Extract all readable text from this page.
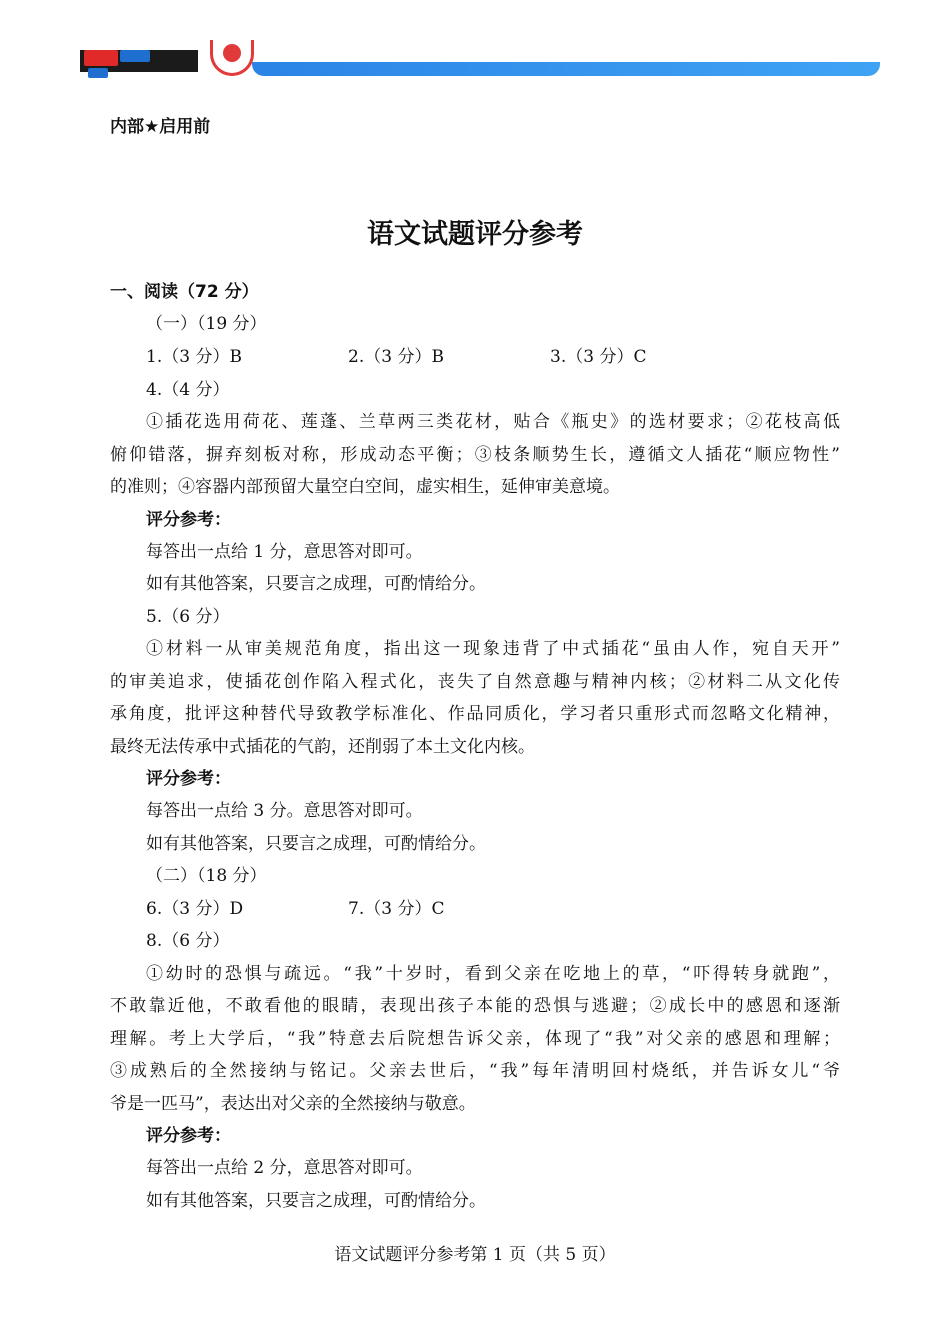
内部★启用前
语文试题评分参考
一、阅读（72 分）
（一）（19 分）
1.（3 分）B	2.（3 分）B	3.（3 分）C
4.（4 分）
①插花选用荷花、莲蓬、兰草两三类花材，贴合《瓶史》的选材要求；②花枝高低
俯仰错落，摒弃刻板对称，形成动态平衡；③枝条顺势生长，遵循文人插花“顺应物性”
的准则；④容器内部预留大量空白空间，虚实相生，延伸审美意境。
评分参考：
每答出一点给 1 分，意思答对即可。
如有其他答案，只要言之成理，可酌情给分。
5.（6 分）
①材料一从审美规范角度，指出这一现象违背了中式插花“虽由人作，宛自天开”
的审美追求，使插花创作陷入程式化，丧失了自然意趣与精神内核；②材料二从文化传
承角度，批评这种替代导致教学标准化、作品同质化，学习者只重形式而忽略文化精神，
最终无法传承中式插花的气韵，还削弱了本土文化内核。
评分参考：
每答出一点给 3 分。意思答对即可。
如有其他答案，只要言之成理，可酌情给分。
（二）（18 分）
6.（3 分）D	7.（3 分）C
8.（6 分）
①幼时的恐惧与疏远。“我”十岁时，看到父亲在吃地上的草，“吓得转身就跑”，
不敢靠近他，不敢看他的眼睛，表现出孩子本能的恐惧与逃避；②成长中的感恩和逐渐
理解。考上大学后，“我”特意去后院想告诉父亲，体现了“我”对父亲的感恩和理解；
③成熟后的全然接纳与铭记。父亲去世后，“我”每年清明回村烧纸，并告诉女儿“爷
爷是一匹马”，表达出对父亲的全然接纳与敬意。
评分参考：
每答出一点给 2 分，意思答对即可。
如有其他答案，只要言之成理，可酌情给分。
语文试题评分参考第 1 页（共 5 页）
